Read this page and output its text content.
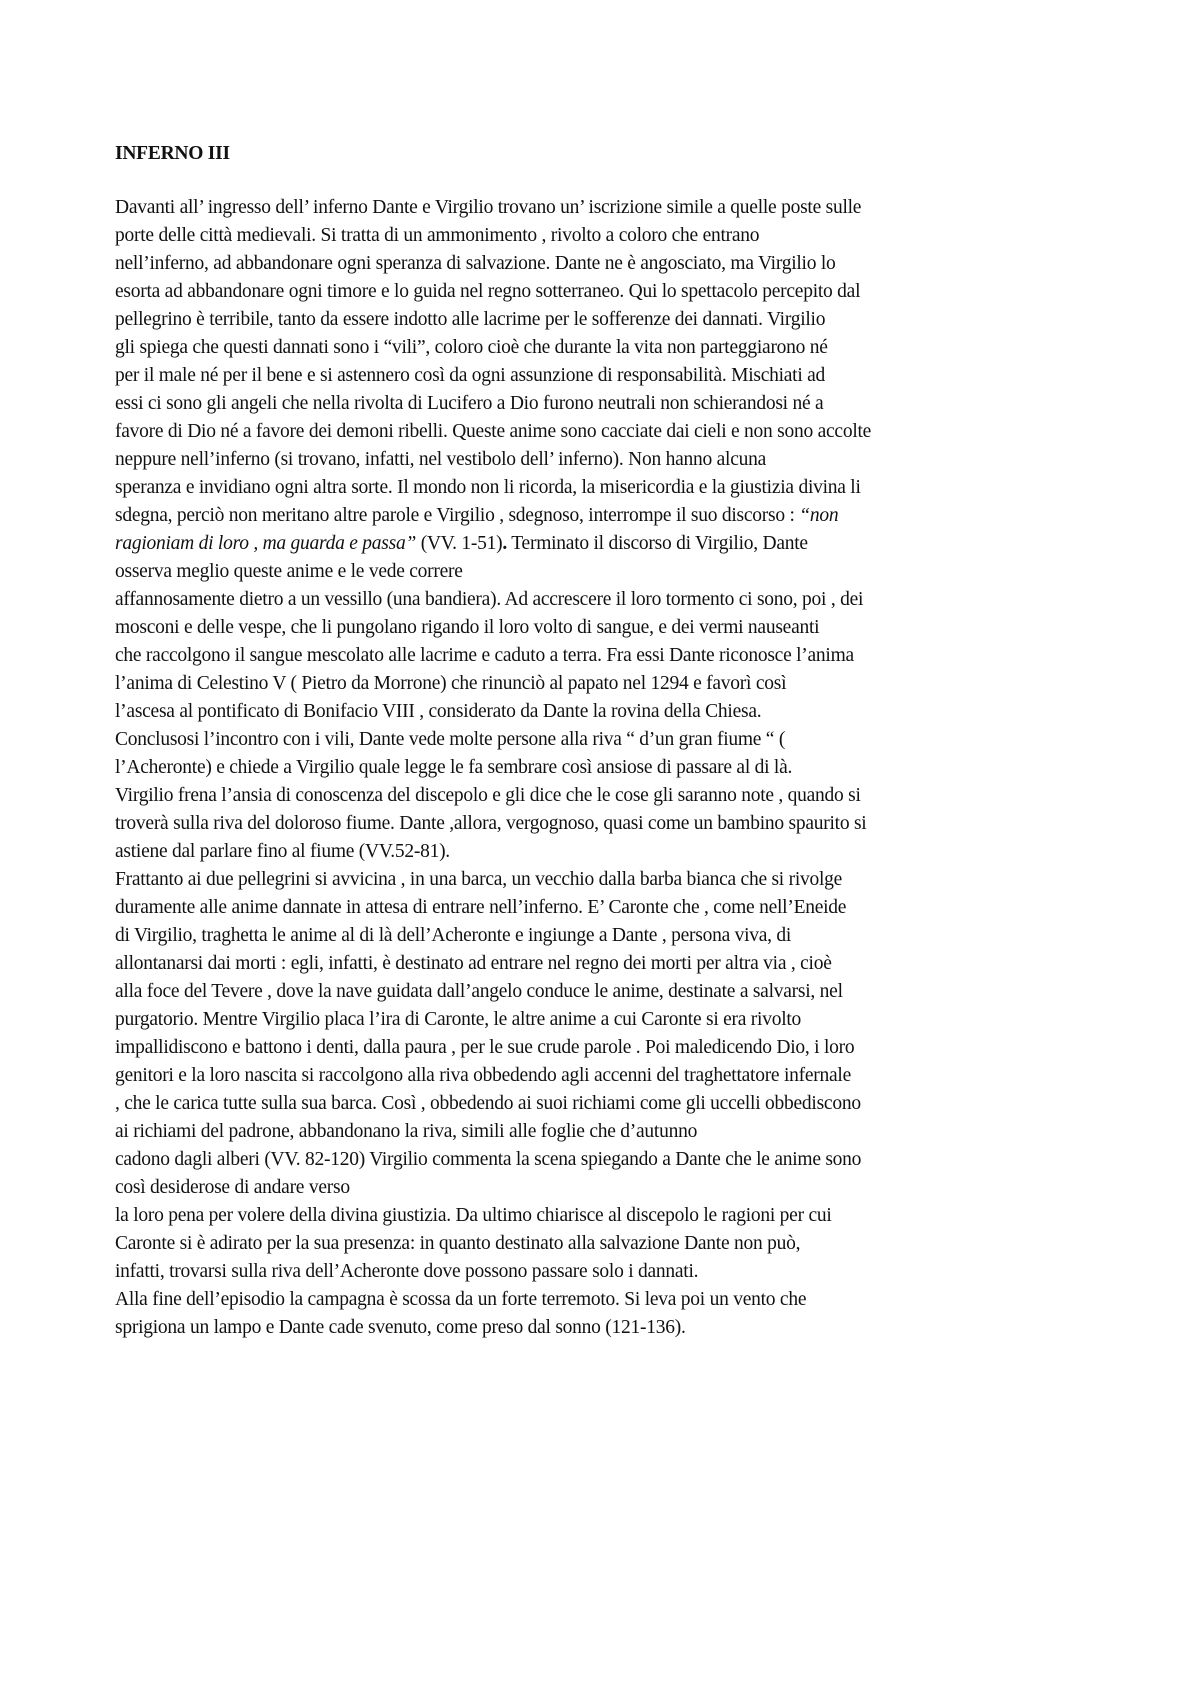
INFERNO III
Davanti all’ ingresso dell’ inferno Dante e Virgilio trovano un’ iscrizione simile a quelle poste sulle
porte delle città medievali. Si tratta di un ammonimento , rivolto a coloro che entrano
nell’inferno, ad abbandonare ogni speranza di salvazione. Dante ne è angosciato, ma Virgilio lo
esorta ad abbandonare ogni timore e lo guida nel regno sotterraneo. Qui lo spettacolo percepito dal
pellegrino è terribile, tanto da essere indotto alle lacrime per le sofferenze dei dannati. Virgilio
gli spiega che questi dannati sono i “vili”, coloro cioè che durante la vita non parteggiarono né
per il male né per il bene e si astennero così da ogni assunzione di responsabilità. Mischiati ad
essi ci sono gli angeli che nella rivolta di Lucifero a Dio furono neutrali non schierandosi né a
favore di Dio né a favore dei demoni ribelli. Queste anime sono cacciate dai cieli e non sono accolte
neppure nell’inferno (si trovano, infatti, nel vestibolo dell’ inferno). Non hanno alcuna
speranza e invidiano ogni altra sorte. Il mondo non li ricorda, la misericordia e la giustizia divina li
sdegna, perciò non meritano altre parole e Virgilio , sdegnoso, interrompe il suo discorso : “non
ragioniam di loro , ma guarda e passa” (VV. 1-51). Terminato il discorso di Virgilio, Dante
osserva meglio queste anime e le vede correre
affannosamente dietro a un vessillo (una bandiera). Ad accrescere il loro tormento ci sono, poi , dei
mosconi e delle vespe, che li pungolano rigando il loro volto di sangue, e dei vermi nauseanti
che raccolgono il sangue mescolato alle lacrime e caduto a terra. Fra essi Dante riconosce l’anima
l’anima di Celestino V ( Pietro da Morrone) che rinunciò al papato nel 1294 e favorì così
l’ascesa al pontificato di Bonifacio VIII , considerato da Dante la rovina della Chiesa.
Conclusosi l’incontro con i vili, Dante vede molte persone alla riva “ d’un gran fiume “ (
l’Acheronte) e chiede a Virgilio quale legge le fa sembrare così ansiose di passare al di là.
Virgilio frena l’ansia di conoscenza del discepolo e gli dice che le cose gli saranno note , quando si
troverà sulla riva del doloroso fiume. Dante ,allora, vergognoso, quasi come un bambino spaurito si
astiene dal parlare fino al fiume (VV.52-81).
Frattanto ai due pellegrini si avvicina , in una barca, un vecchio dalla barba bianca che si rivolge
duramente alle anime dannate in attesa di entrare nell’inferno. E’ Caronte che , come nell’Eneide
di Virgilio, traghetta le anime al di là dell’Acheronte e ingiunge a Dante , persona viva, di
allontanarsi dai morti : egli, infatti, è destinato ad entrare nel regno dei morti per altra via , cioè
alla foce del Tevere , dove la nave guidata dall’angelo conduce le anime, destinate a salvarsi, nel
purgatorio. Mentre Virgilio placa l’ira di Caronte, le altre anime a cui Caronte si era rivolto
impallidiscono e battono i denti, dalla paura , per le sue crude parole . Poi maledicendo Dio, i loro
genitori e la loro nascita si raccolgono alla riva obbedendo agli accenni del traghettatore infernale
, che le carica tutte sulla sua barca. Così , obbedendo ai suoi richiami come gli uccelli obbediscono
ai richiami del padrone, abbandonano la riva, simili alle foglie che d’autunno
cadono dagli alberi (VV. 82-120) Virgilio commenta la scena spiegando a Dante che le anime sono
così desiderose di andare verso
la loro pena per volere della divina giustizia. Da ultimo chiarisce al discepolo le ragioni per cui
Caronte si è adirato per la sua presenza: in quanto destinato alla salvazione Dante non può,
infatti, trovarsi sulla riva dell’Acheronte dove possono passare solo i dannati.
Alla fine dell’episodio la campagna è scossa da un forte terremoto. Si leva poi un vento che
sprigiona un lampo e Dante cade svenuto, come preso dal sonno (121-136).
